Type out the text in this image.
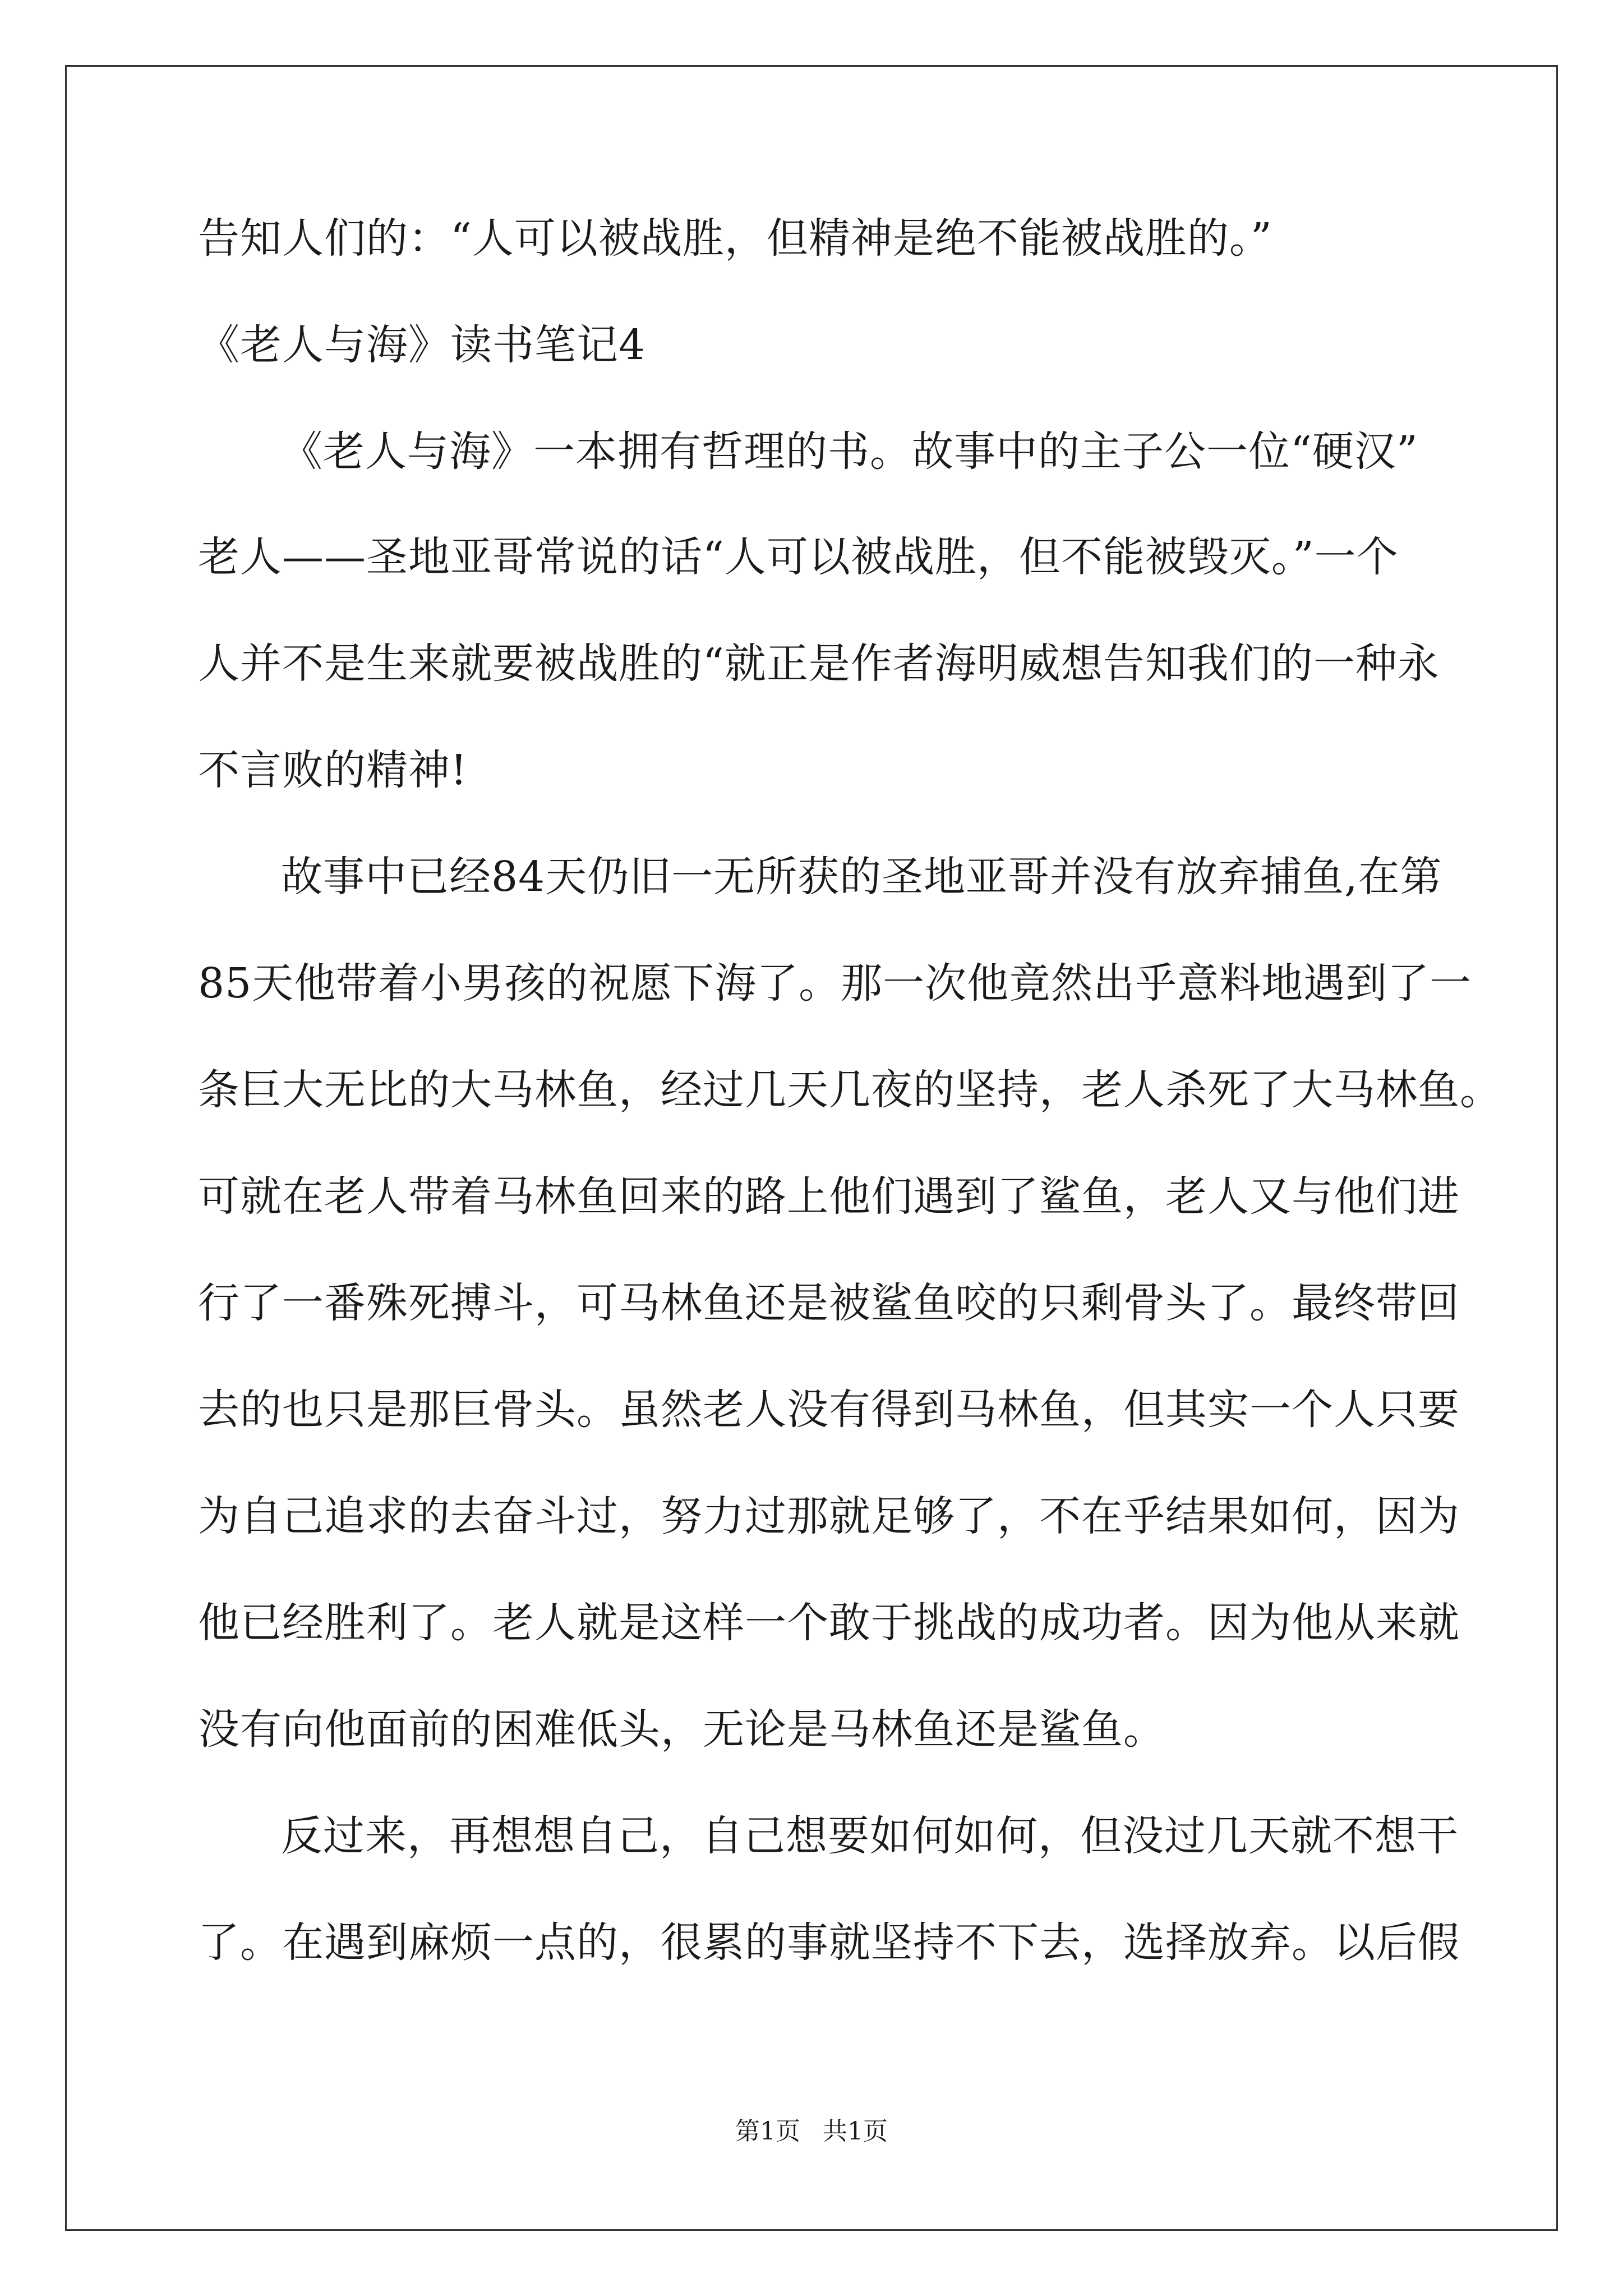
告知人们的：“人可以被战胜，但精神是绝不能被战胜的。”
《老人与海》读书笔记4
《老人与海》一本拥有哲理的书。故事中的主子公一位“硬汉”
老人——圣地亚哥常说的话“人可以被战胜，但不能被毁灭。”一个
人并不是生来就要被战胜的“就正是作者海明威想告知我们的一种永
不言败的精神!
故事中已经84天仍旧一无所获的圣地亚哥并没有放弃捕鱼,在第
85天他带着小男孩的祝愿下海了。那一次他竟然出乎意料地遇到了一
条巨大无比的大马林鱼，经过几天几夜的坚持，老人杀死了大马林鱼。
可就在老人带着马林鱼回来的路上他们遇到了鲨鱼，老人又与他们进
行了一番殊死搏斗，可马林鱼还是被鲨鱼咬的只剩骨头了。最终带回
去的也只是那巨骨头。虽然老人没有得到马林鱼，但其实一个人只要
为自己追求的去奋斗过，努力过那就足够了，不在乎结果如何，因为
他已经胜利了。老人就是这样一个敢于挑战的成功者。因为他从来就
没有向他面前的困难低头，无论是马林鱼还是鲨鱼。
反过来，再想想自己，自己想要如何如何，但没过几天就不想干
了。在遇到麻烦一点的，很累的事就坚持不下去，选择放弃。以后假
第1页 共1页
